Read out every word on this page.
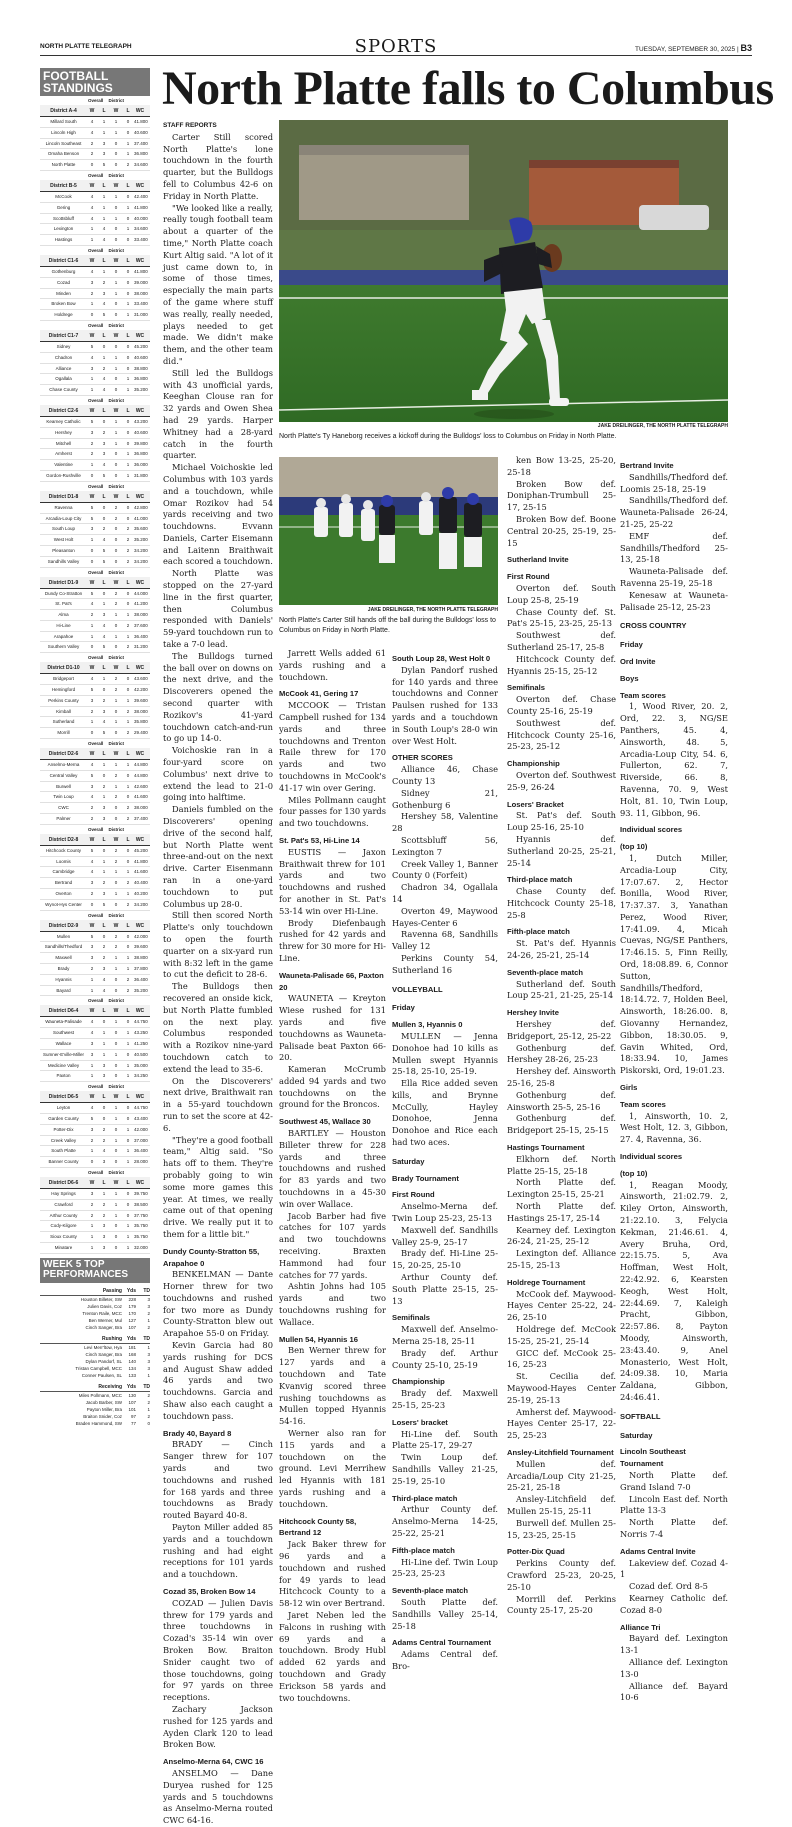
NORTH PLATTE TELEGRAPH	SPORTS	TUESDAY, SEPTEMBER 30, 2025 | B3
FOOTBALL
STANDINGS
Overall District
District A-4	W	L	W	L	WC
Millard South	4	1	1	0	41.800
Lincoln High	4	1	1	0	40.600
Lincoln Southeast	2	3	0	1	37.400
Omaha Benson	2	3	0	1	36.800
North Platte	0	5	0	2	34.600
Overall District
District B-5	W	L	W	L	WC
McCook	4	1	1	0	42.400
Gering	4	1	0	1	41.800
Scottsbluff	4	1	1	0	40.000
Lexington	1	4	0	1	34.600
Hastings	1	4	0	0	33.400
Overall District
District C1-6	W	L	W	L	WC
Gothenburg	4	1	0	0	41.800
Cozad	3	2	1	0	39.000
Minden	2	3	1	0	38.000
Broken Bow	1	4	0	1	33.400
Holdrege	0	5	0	1	31.000
Overall District
District C1-7	W	L	W	L	WC
Sidney	5	0	0	0	45.200
Chadron	4	1	1	0	40.600
Alliance	3	2	1	0	38.800
Ogallala	1	4	0	1	36.800
Chase County	1	4	0	1	35.200
Overall District
District C2-6	W	L	W	L	WC
Kearney Catholic	5	0	1	0	43.200
Hershey	3	2	1	0	40.600
Mitchell	2	3	1	0	39.800
Amherst	2	3	0	1	36.800
Valentine	1	4	0	1	36.000
Gordon-Rushville	0	5	0	1	31.800
Overall District
District D1-8	W	L	W	L	WC
Ravenna	5	0	2	0	42.800
Arcadia-Loup City	5	0	2	0	41.000
South Loup	3	2	0	2	35.600
West Holt	1	4	0	2	35.200
Pleasanton	0	5	0	2	34.200
Sandhills Valley	0	5	0	2	34.200
Overall District
District D1-9	W	L	W	L	WC
Dundy Co-Stratton	5	0	2	0	44.000
St. Pat's	4	1	2	0	41.200
Alma	2	3	1	1	38.000
Hi-Line	1	4	0	2	37.600
Arapahoe	1	4	1	1	36.400
Southern Valley	0	5	0	2	31.200
Overall District
District D1-10	W	L	W	L	WC
Bridgeport	4	1	2	0	43.600
Hemingford	5	0	2	0	42.200
Perkins County	3	2	1	1	39.600
Kimball	2	3	0	2	38.000
Sutherland	1	4	1	1	35.800
Morrill	0	5	0	2	29.400
Overall District
District D2-6	W	L	W	L	WC
Anselmo-Merna	4	1	1	1	44.800
Central Valley	5	0	2	0	44.800
Burwell	3	2	1	1	42.600
Twin Loup	4	1	2	0	41.600
CWC	2	3	0	2	38.000
Palmer	2	3	0	2	37.400
Overall District
District D2-8	W	L	W	L	WC
Hitchcock County	5	0	2	0	45.200
Loomis	4	1	2	0	41.800
Cambridge	4	1	1	1	41.600
Bertrand	3	2	0	2	40.400
Overton	2	3	1	1	40.200
Wynot-Hys Center	0	5	0	2	34.200
Overall District
District D2-9	W	L	W	L	WC
Mullen	5	0	2	0	42.000
Sandhills/Thedford	3	2	2	0	39.600
Maxwell	3	2	1	1	38.800
Brady	2	3	1	1	37.800
Hyannis	1	4	0	2	36.400
Bayard	1	4	0	2	35.200
Overall District
District D6-4	W	L	W	L	WC
Wauneta-Palisade	4	0	1	0	44.750
Southwest	4	1	0	1	43.250
Wallace	3	1	0	1	41.250
Sumner-E'ville-Miller	3	1	1	0	40.500
Medicine Valley	1	3	0	1	35.000
Paxton	1	3	0	1	34.250
Overall District
District D6-5	W	L	W	L	WC
Leyton	4	0	1	0	44.750
Garden County	5	0	1	0	43.400
Potter-Dix	3	2	0	1	42.000
Creek Valley	2	2	1	0	37.000
South Platte	1	4	0	1	36.400
Banner County	0	3	0	1	28.000
Overall District
District D6-6	W	L	W	L	WC
Hay Springs	3	1	1	0	39.750
Crawford	2	2	1	0	38.500
Arthur County	2	2	1	0	37.750
Cody-Kilgore	1	3	0	1	35.750
Sioux County	1	3	0	1	35.750
Minatare	1	3	0	1	32.000
WEEK 5 TOP
PERFORMANCES
Passing Yds	TD
Houston Billeter, SW	228	3
Julien Davis, Coz	179	3
Trenton Raile, MCC	170	2
Ben Werner, Mul	127	1
Cinch Sanger, Bra	107	2
Rushing Yds	TD
Levi Merr'ltow, Hya	181	1
Cinch Sanger, Bra	168	3
Dylan Pandorf, SL	140	3
Tristan Campbell, MCC	134	3
Conner Paulsen, SL	133	1
Receiving Yds	TD
Miles Pollmann, MCC	130	2
Jacob Barber, SW	107	2
Payton Miller, Bra	101	1
Braiton Snider, Coz	97	2
Braden Hammond, SW	77	0
North Platte falls to Columbus
JAKE DREILINGER, THE NORTH PLATTE TELEGRAPH
North Platte's Ty Haneborg receives a kickoff during the Bulldogs' loss to Columbus on Friday in North Platte.
JAKE DREILINGER, THE NORTH PLATTE TELEGRAPH
North Platte's Carter Still hands off the ball during the Bulldogs' loss to Columbus on Friday in North Platte.
STAFF REPORTS

Carter Still scored North Platte's lone touchdown in the fourth quarter, but the Bulldogs fell to Columbus 42-6 on Friday in North Platte.

"We looked like a really, really tough football team about a quarter of the time," North Platte coach Kurt Altig said. "A lot of it just came down to, in some of those times, especially the main parts of the game where stuff was really, really needed, plays needed to get made. We didn't make them, and the other team did."

Still led the Bulldogs with 43 unofficial yards, Keeghan Clouse ran for 32 yards and Owen Shea had 29 yards. Harper Whitney had a 28-yard catch in the fourth quarter.

Michael Voichoskie led Columbus with 103 yards and a touchdown, while Omar Rozikov had 54 yards receiving and two touchdowns. Evvann Daniels, Carter Eisemann and Laitenn Braithwait each scored a touchdown.

North Platte was stopped on the 27-yard line in the first quarter, then Columbus responded with Daniels' 59-yard touchdown run to take a 7-0 lead.

The Bulldogs turned the ball over on downs on the next drive, and the Discoverers opened the second quarter with Rozikov's 41-yard touchdown catch-and-run to go up 14-0.

Voichoskie ran in a four-yard score on Columbus' next drive to extend the lead to 21-0 going into halftime.

Daniels fumbled on the Discoverers' opening drive of the second half, but North Platte went three-and-out on the next drive. Carter Eisenmann ran in a one-yard touchdown to put Columbus up 28-0.

Still then scored North Platte's only touchdown to open the fourth quarter on a six-yard run with 8:32 left in the game to cut the deficit to 28-6.

The Bulldogs then recovered an onside kick, but North Platte fumbled on the next play. Columbus responded with a Rozikov nine-yard touchdown catch to extend the lead to 35-6.

On the Discoverers' next drive, Braithwait ran in a 55-yard touchdown run to set the score at 42-6.

"They're a good football team," Altig said. "So hats off to them. They're probably going to win some more games this year. At times, we really came out of that opening drive. We really put it to them for a little bit."

Dundy County-Stratton 55, Arapahoe 0

BENKELMAN — Dante Horner threw for two touchdowns and rushed for two more as Dundy County-Stratton blew out Arapahoe 55-0 on Friday.

Kevin Garcia had 80 yards rushing for DCS and August Shaw added 46 yards and two touchdowns. Garcia and Shaw also each caught a touchdown pass.

Brady 40, Bayard 8

BRADY — Cinch Sanger threw for 107 yards and two touchdowns and rushed for 168 yards and three touchdowns as Brady routed Bayard 40-8.

Payton Miller added 85 yards and a touchdown rushing and had eight receptions for 101 yards and a touchdown.

Cozad 35, Broken Bow 14

COZAD — Julien Davis threw for 179 yards and three touchdowns in Cozad's 35-14 win over Broken Bow. Braiton Snider caught two of those touchdowns, going for 97 yards on three receptions.

Zachary Jackson rushed for 125 yards and Ayden Clark 120 to lead Broken Bow.

Anselmo-Merna 64, CWC 16

ANSELMO — Dane Duryea rushed for 125 yards and 5 touchdowns as Anselmo-Merna routed CWC 64-16.

Jarrett Wells added 61 yards rushing and a touchdown.

McCook 41, Gering 17

MCCOOK — Tristan Campbell rushed for 134 yards and three touchdowns and Trenton Raile threw for 170 yards and two touchdowns in McCook's 41-17 win over Gering.

Miles Pollmann caught four passes for 130 yards and two touchdowns.

St. Pat's 53, Hi-Line 14

EUSTIS — Jaxon Braithwait threw for 101 yards and two touchdowns and rushed for another in St. Pat's 53-14 win over Hi-Line.

Brody Diefenbaugh rushed for 42 yards and threw for 30 more for Hi-Line.

Wauneta-Palisade 66, Paxton 20

WAUNETA — Kreyton Wiese rushed for 131 yards and five touchdowns as Wauneta-Palisade beat Paxton 66-20.

Kameran McCrumb added 94 yards and two touchdowns on the ground for the Broncos.

Southwest 45, Wallace 30

BARTLEY — Houston Billeter threw for 228 yards and three touchdowns and rushed for 83 yards and two touchdowns in a 45-30 win over Wallace.

Jacob Barber had five catches for 107 yards and two touchdowns receiving. Braxten Hammond had four catches for 77 yards.

Ashtin Johns had 105 yards and two touchdowns rushing for Wallace.

Mullen 54, Hyannis 16

Ben Werner threw for 127 yards and a touchdown and Tate Kvanvig scored three rushing touchdowns as Mullen topped Hyannis 54-16.

Werner also ran for 115 yards and a touchdown on the ground. Levi Merrihew led Hyannis with 181 yards rushing and a touchdown.

Hitchcock County 58, Bertrand 12

Jack Baker threw for 96 yards and a touchdown and rushed for 49 yards to lead Hitchcock County to a 58-12 win over Bertrand.

Jaret Neben led the Falcons in rushing with 69 yards and a touchdown. Brody Hubl added 62 yards and touchdown and Grady Erickson 58 yards and two touchdowns.

South Loup 28, West Holt 0

Dylan Pandorf rushed for 140 yards and three touchdowns and Conner Paulsen rushed for 133 yards and a touchdown in South Loup's 28-0 win over West Holt.

OTHER SCORES

Alliance 46, Chase County 13

Sidney 21, Gothenburg 6

Hershey 58, Valentine 28

Scottsbluff 56, Lexington 7

Creek Valley 1, Banner County 0 (Forfeit)

Chadron 34, Ogallala 14

Overton 49, Maywood Hayes-Center 6

Ravenna 68, Sandhills Valley 12

Perkins County 54, Sutherland 16

VOLLEYBALL

Friday

Mullen 3, Hyannis 0

MULLEN — Jenna Donohoe had 10 kills as Mullen swept Hyannis 25-18, 25-10, 25-19.

Ella Rice added seven kills, and Brynne McCully, Hayley Donohoe, Jenna Donohoe and Rice each had two aces.

Saturday

Brady Tournament

First Round

Anselmo-Merna def. Twin Loup 25-23, 25-13

Maxwell def. Sandhills Valley 25-9, 25-17

Brady def. Hi-Line 25-15, 20-25, 25-10

Arthur County def. South Platte 25-15, 25-13

Semifinals

Maxwell def. Anselmo-Merna 25-18, 25-11

Brady def. Arthur County 25-10, 25-19

Championship

Brady def. Maxwell 25-15, 25-23

Losers' bracket

Hi-Line def. South Platte 25-17, 29-27

Twin Loup def. Sandhills Valley 21-25, 25-19, 25-10

Third-place match

Arthur County def. Anselmo-Merna 14-25, 25-22, 25-21

Fifth-place match

Hi-Line def. Twin Loup 25-23, 25-23

Seventh-place match

South Platte def. Sandhills Valley 25-14, 25-18

Adams Central Tournament

Adams Central def. Bro-

ken Bow 13-25, 25-20, 25-18

Broken Bow def. Doniphan-Trumbull 25-17, 25-15

Broken Bow def. Boone Central 20-25, 25-19, 25-15

Sutherland Invite

First Round

Overton def. South Loup 25-8, 25-19

Chase County def. St. Pat's 25-15, 23-25, 25-13

Southwest def. Sutherland 25-17, 25-8

Hitchcock County def. Hyannis 25-15, 25-12

Semifinals

Overton def. Chase County 25-16, 25-19

Southwest def. Hitchcock County 25-16, 25-23, 25-12

Championship

Overton def. Southwest 25-9, 26-24

Losers' Bracket

St. Pat's def. South Loup 25-16, 25-10

Hyannis def. Sutherland 20-25, 25-21, 25-14

Third-place match

Chase County def. Hitchcock County 25-18, 25-8

Fifth-place match

St. Pat's def. Hyannis 24-26, 25-21, 25-14

Seventh-place match

Sutherland def. South Loup 25-21, 21-25, 25-14

Hershey Invite

Hershey def. Bridgeport, 25-12, 25-22

Gothenburg def. Hershey 28-26, 25-23

Hershey def. Ainsworth 25-16, 25-8

Gothenburg def. Ainsworth 25-5, 25-16

Gothenburg def. Bridgeport 25-15, 25-15

Hastings Tournament

Elkhorn def. North Platte 25-15, 25-18

North Platte def. Lexington 25-15, 25-21

North Platte def. Hastings 25-17, 25-14

Kearney def. Lexington 26-24, 21-25, 25-12

Lexington def. Alliance 25-15, 25-13

Holdrege Tournament

McCook def. Maywood-Hayes Center 25-22, 24-26, 25-10

Holdrege def. McCook 15-25, 25-21, 25-14

GICC def. McCook 25-16, 25-23

St. Cecilia def. Maywood-Hayes Center 25-19, 25-13

Amherst def. Maywood-Hayes Center 25-17, 22-25, 25-23

Ansley-Litchfield Tournament

Mullen def. Arcadia/Loup City 21-25, 25-21, 25-18

Ansley-Litchfield def. Mullen 25-15, 25-11

Burwell def. Mullen 25-15, 23-25, 25-15

Potter-Dix Quad

Perkins County def. Crawford 25-23, 20-25, 25-10

Morrill def. Perkins County 25-17, 25-20

Bertrand Invite

Sandhills/Thedford def. Loomis 25-18, 25-19

Sandhills/Thedford def. Wauneta-Palisade 26-24, 21-25, 25-22

EMF def. Sandhills/Thedford 25-13, 25-18

Wauneta-Palisade def. Ravenna 25-19, 25-18

Kenesaw at Wauneta-Palisade 25-12, 25-23

CROSS COUNTRY

Friday

Ord Invite

Boys

Team scores

1, Wood River, 20. 2, Ord, 22. 3, NG/SE Panthers, 45. 4, Ainsworth, 48. 5, Arcadia-Loup City, 54. 6, Fullerton, 62. 7, Riverside, 66. 8, Ravenna, 70. 9, West Holt, 81. 10, Twin Loup, 93. 11, Gibbon, 96.

Individual scores

(top 10)

1, Dutch Miller, Arcadia-Loup City, 17:07.67. 2, Hector Bonilla, Wood River, 17:37.37. 3, Yanathan Perez, Wood River, 17:41.09. 4, Micah Cuevas, NG/SE Panthers, 17:46.15. 5, Finn Reilly, Ord, 18:08.89. 6, Connor Sutton, Sandhills/Thedford, 18:14.72. 7, Holden Beel, Ainsworth, 18:26.00. 8, Giovanny Hernandez, Gibbon, 18:30.05. 9, Gavin Whited, Ord, 18:33.94. 10, James Piskorski, Ord, 19:01.23.

Girls

Team scores

1, Ainsworth, 10. 2, West Holt, 12. 3, Gibbon, 27. 4, Ravenna, 36.

Individual scores

(top 10)

1, Reagan Moody, Ainsworth, 21:02.79. 2, Kiley Orton, Ainsworth, 21:22.10. 3, Felycia Kekman, 21:46.61. 4, Avery Bruha, Ord, 22:15.75. 5, Ava Hoffman, West Holt, 22:42.92. 6, Kearsten Keogh, West Holt, 22:44.69. 7, Kaleigh Pracht, Gibbon, 22:57.86. 8, Payton Moody, Ainsworth, 23:43.40. 9, Anel Monasterio, West Holt, 24:09.38. 10, Maria Zaldana, Gibbon, 24:46.41.

SOFTBALL

Saturday

Lincoln Southeast Tournament

North Platte def. Grand Island 7-0

Lincoln East def. North Platte 13-3

North Platte def. Norris 7-4

Adams Central Invite

Lakeview def. Cozad 4-1

Cozad def. Ord 8-5

Kearney Catholic def. Cozad 8-0

Alliance Tri

Bayard def. Lexington 13-1

Alliance def. Lexington 13-0

Alliance def. Bayard 10-6
